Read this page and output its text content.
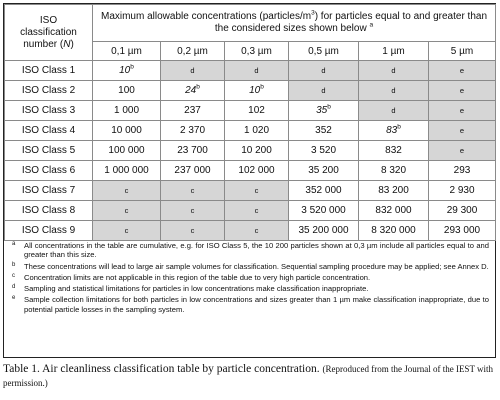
ISO
classification
number (N)	Maximum allowable concentrations $(particles/m^3)$ for particles equal to and greater than the considered sizes shown below $^a$
	0,1 µm	0,2 µm	0,3 µm	0,5 µm	1 µm	5 µm
ISO Class 1	10$^b$	d	d	d	d	e
ISO Class 2	100	24$^b$	10$^b$	d	d	e
ISO Class 3	1 000	237	102	35$^b$	d	e
ISO Class 4	10 000	2 370	1 020	352	83$^b$	e
ISO Class 5	100 000	23 700	10 200	3 520	832	e
ISO Class 6	1 000 000	237 000	102 000	35 200	8 320	293
ISO Class 7	c	c	c	352 000	83 200	2 930
ISO Class 8	c	c	c	3 520 000	832 000	29 300
ISO Class 9	c	c	c	35 200 000	8 320 000	293 000
a All concentrations in the table are cumulative, e.g. for ISO Class 5, the 10 200 particles shown at 0,3 µm include all particles equal to and greater than this size.
b These concentrations will lead to large air sample volumes for classification. Sequential sampling procedure may be applied; see Annex D.
c Concentration limits are not applicable in this region of the table due to very high particle concentration.
d Sampling and statistical limitations for particles in low concentrations make classification inappropriate.
e Sample collection limitations for both particles in low concentrations and sizes greater than 1 µm make classification inappropriate, due to potential particle losses in the sampling system.
Table 1. Air cleanliness classification table by particle concentration. (Reproduced from the Journal of the IEST with permission.)
